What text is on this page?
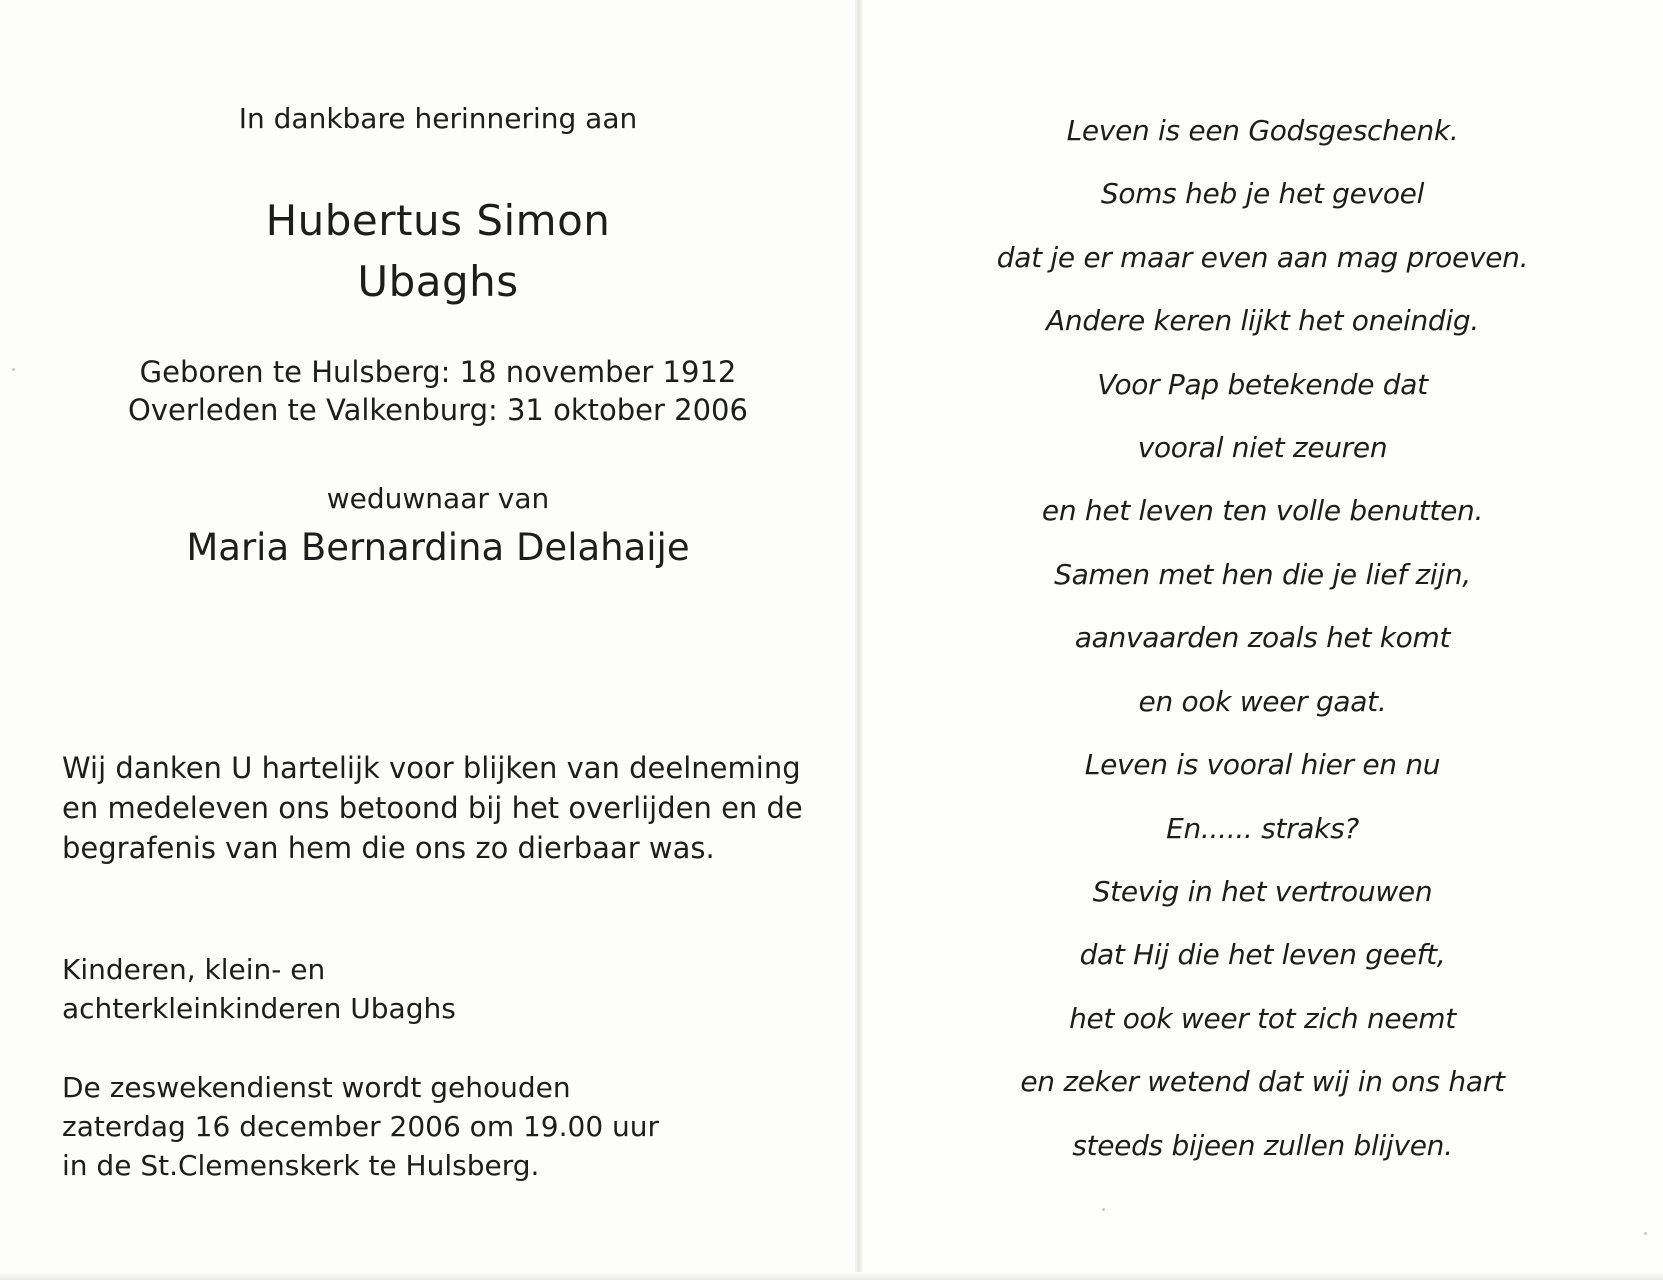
In dankbare herinnering aan
Hubertus Simon
Ubaghs
Geboren te Hulsberg: 18 november 1912
Overleden te Valkenburg: 31 oktober 2006
weduwnaar van
Maria Bernardina Delahaije
Wij danken U hartelijk voor blijken van deelneming
en medeleven ons betoond bij het overlijden en de
begrafenis van hem die ons zo dierbaar was.
Kinderen, klein- en
achterkleinkinderen Ubaghs
De zeswekendienst wordt gehouden
zaterdag 16 december 2006 om 19.00 uur
in de St.Clemenskerk te Hulsberg.
Leven is een Godsgeschenk.
Soms heb je het gevoel
dat je er maar even aan mag proeven.
Andere keren lijkt het oneindig.
Voor Pap betekende dat
vooral niet zeuren
en het leven ten volle benutten.
Samen met hen die je lief zijn,
aanvaarden zoals het komt
en ook weer gaat.
Leven is vooral hier en nu
En...... straks?
Stevig in het vertrouwen
dat Hij die het leven geeft,
het ook weer tot zich neemt
en zeker wetend dat wij in ons hart
steeds bijeen zullen blijven.
